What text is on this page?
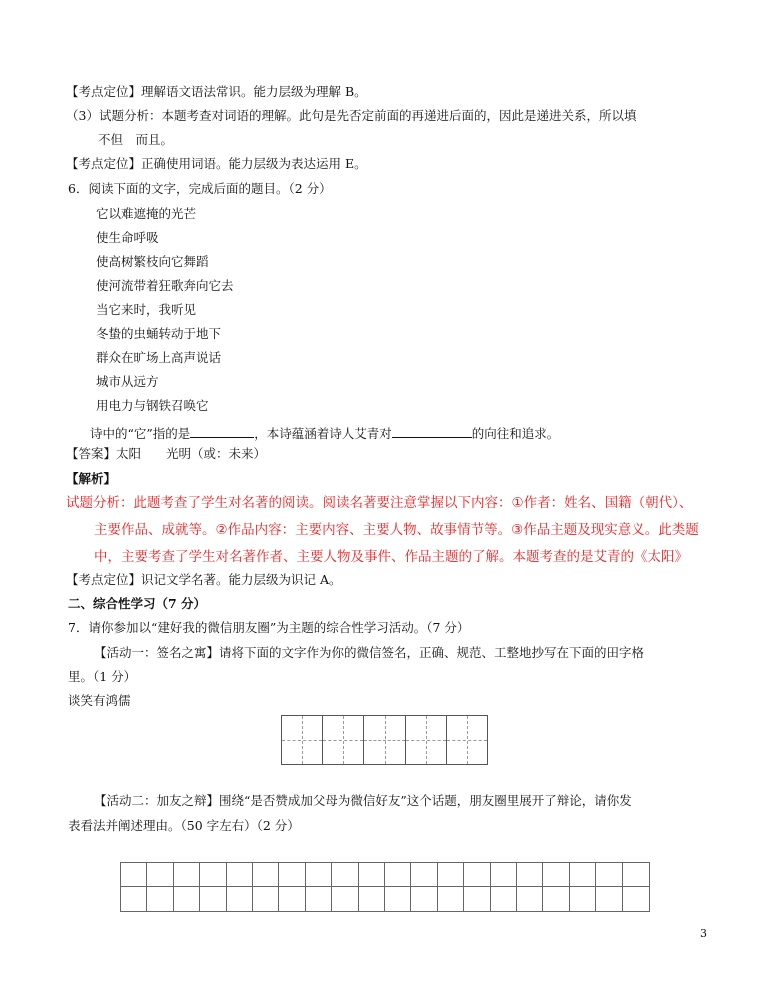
【考点定位】理解语文语法常识。能力层级为理解 B。
（3）试题分析：本题考查对词语的理解。此句是先否定前面的再递进后面的，因此是递进关系，所以填
不但　而且。
【考点定位】正确使用词语。能力层级为表达运用 E。
6．阅读下面的文字，完成后面的题目。（2 分）
它以难遮掩的光芒
使生命呼吸
使高树繁枝向它舞蹈
使河流带着狂歌奔向它去
当它来时，我听见
冬蛰的虫蛹转动于地下
群众在旷场上高声说话
城市从远方
用电力与钢铁召唤它
诗中的“它”指的是	，本诗蕴涵着诗人艾青对	的向往和追求。
【答案】太阳　　光明（或：未来）
【解析】
试题分析：此题考查了学生对名著的阅读。阅读名著要注意掌握以下内容：①作者：姓名、国籍（朝代）、
主要作品、成就等。②作品内容：主要内容、主要人物、故事情节等。③作品主题及现实意义。此类题
中，主要考查了学生对名著作者、主要人物及事件、作品主题的了解。本题考查的是艾青的《太阳》
【考点定位】识记文学名著。能力层级为识记 A。
二、综合性学习（7 分）
7．请你参加以“建好我的微信朋友圈”为主题的综合性学习活动。（7 分）
【活动一：签名之寓】请将下面的文字作为你的微信签名，正确、规范、工整地抄写在下面的田字格
里。（1 分）
谈笑有鸿儒
【活动二：加友之辩】围绕“是否赞成加父母为微信好友”这个话题，朋友圈里展开了辩论，请你发
表看法并阐述理由。（50 字左右）（2 分）
3
